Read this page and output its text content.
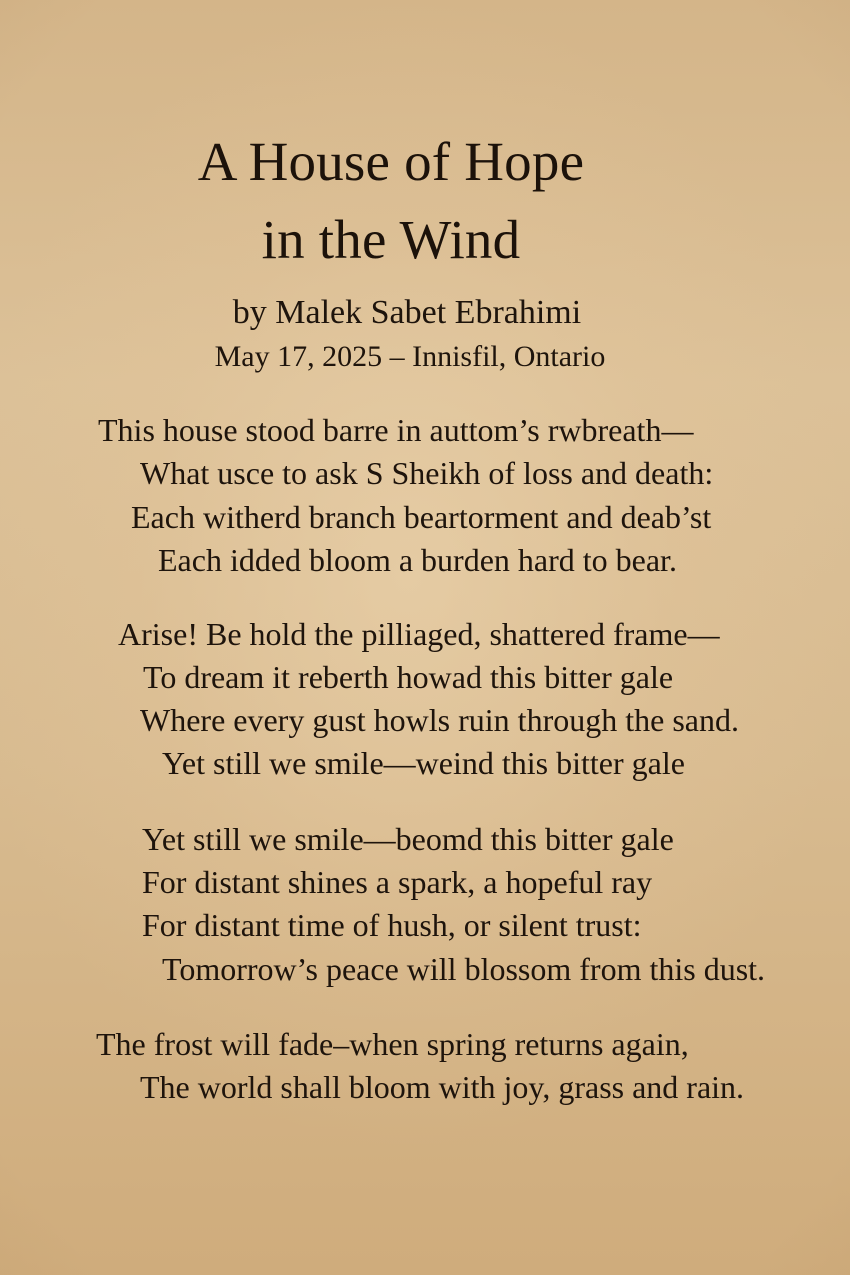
A House of Hope
in the Wind
by Malek Sabet Ebrahimi
May 17, 2025 – Innisfil, Ontario
This house stood barre in auttom’s rwbreath—
What usce to ask S Sheikh of loss and death:
Each witherd branch beartorment and deab’st
Each idded bloom a burden hard to bear.
Arise! Be hold the pilliaged, shattered frame—
To dream it reberth howad this bitter gale
Where every gust howls ruin through the sand.
Yet still we smile—weind this bitter gale
Yet still we smile—beomd this bitter gale
For distant shines a spark, a hopeful ray
For distant time of hush, or silent trust:
Tomorrow’s peace will blossom from this dust.
The frost will fade–when spring returns again,
The world shall bloom with joy, grass and rain.
